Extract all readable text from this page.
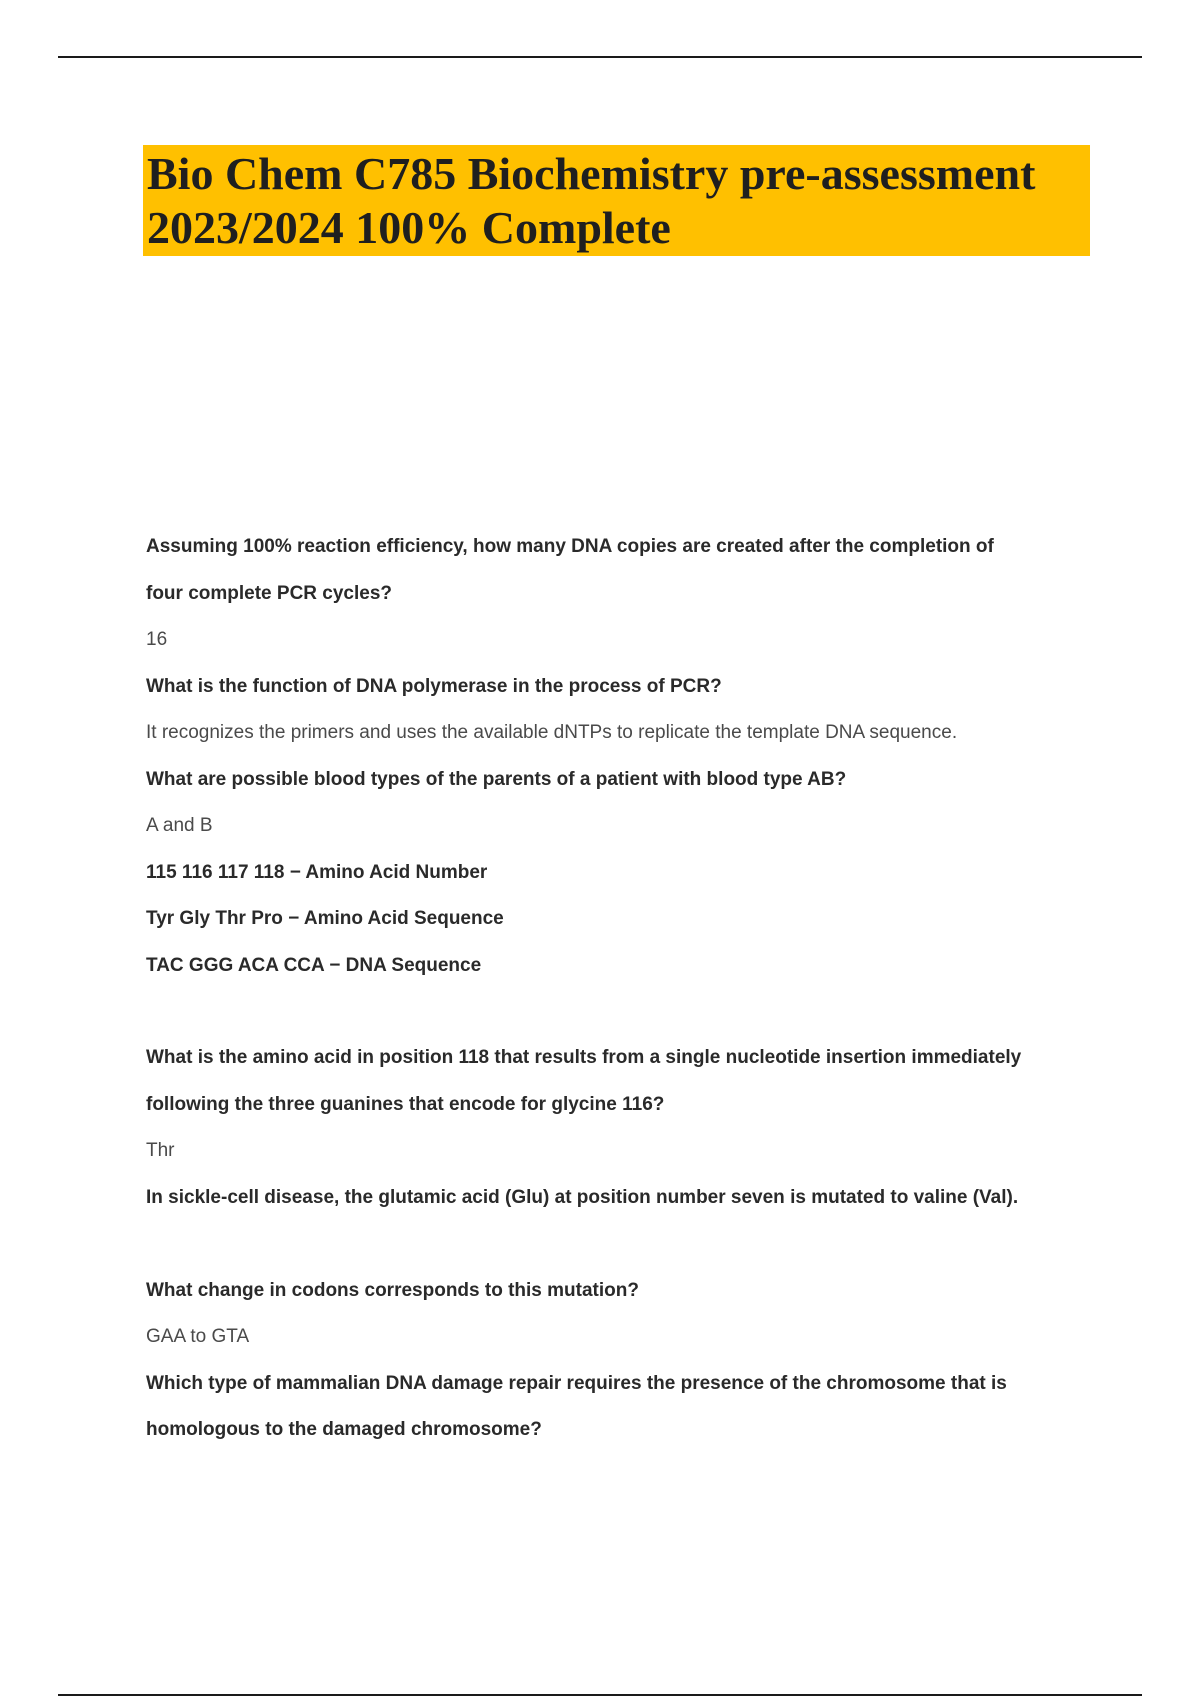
Bio Chem C785 Biochemistry pre-assessment
2023/2024 100% Complete
Assuming 100% reaction efficiency, how many DNA copies are created after the completion of
four complete PCR cycles?
16
What is the function of DNA polymerase in the process of PCR?
It recognizes the primers and uses the available dNTPs to replicate the template DNA sequence.
What are possible blood types of the parents of a patient with blood type AB?
A and B
115 116 117 118 − Amino Acid Number
Tyr Gly Thr Pro − Amino Acid Sequence
TAC GGG ACA CCA − DNA Sequence
What is the amino acid in position 118 that results from a single nucleotide insertion immediately
following the three guanines that encode for glycine 116?
Thr
In sickle-cell disease, the glutamic acid (Glu) at position number seven is mutated to valine (Val).
What change in codons corresponds to this mutation?
GAA to GTA
Which type of mammalian DNA damage repair requires the presence of the chromosome that is
homologous to the damaged chromosome?
